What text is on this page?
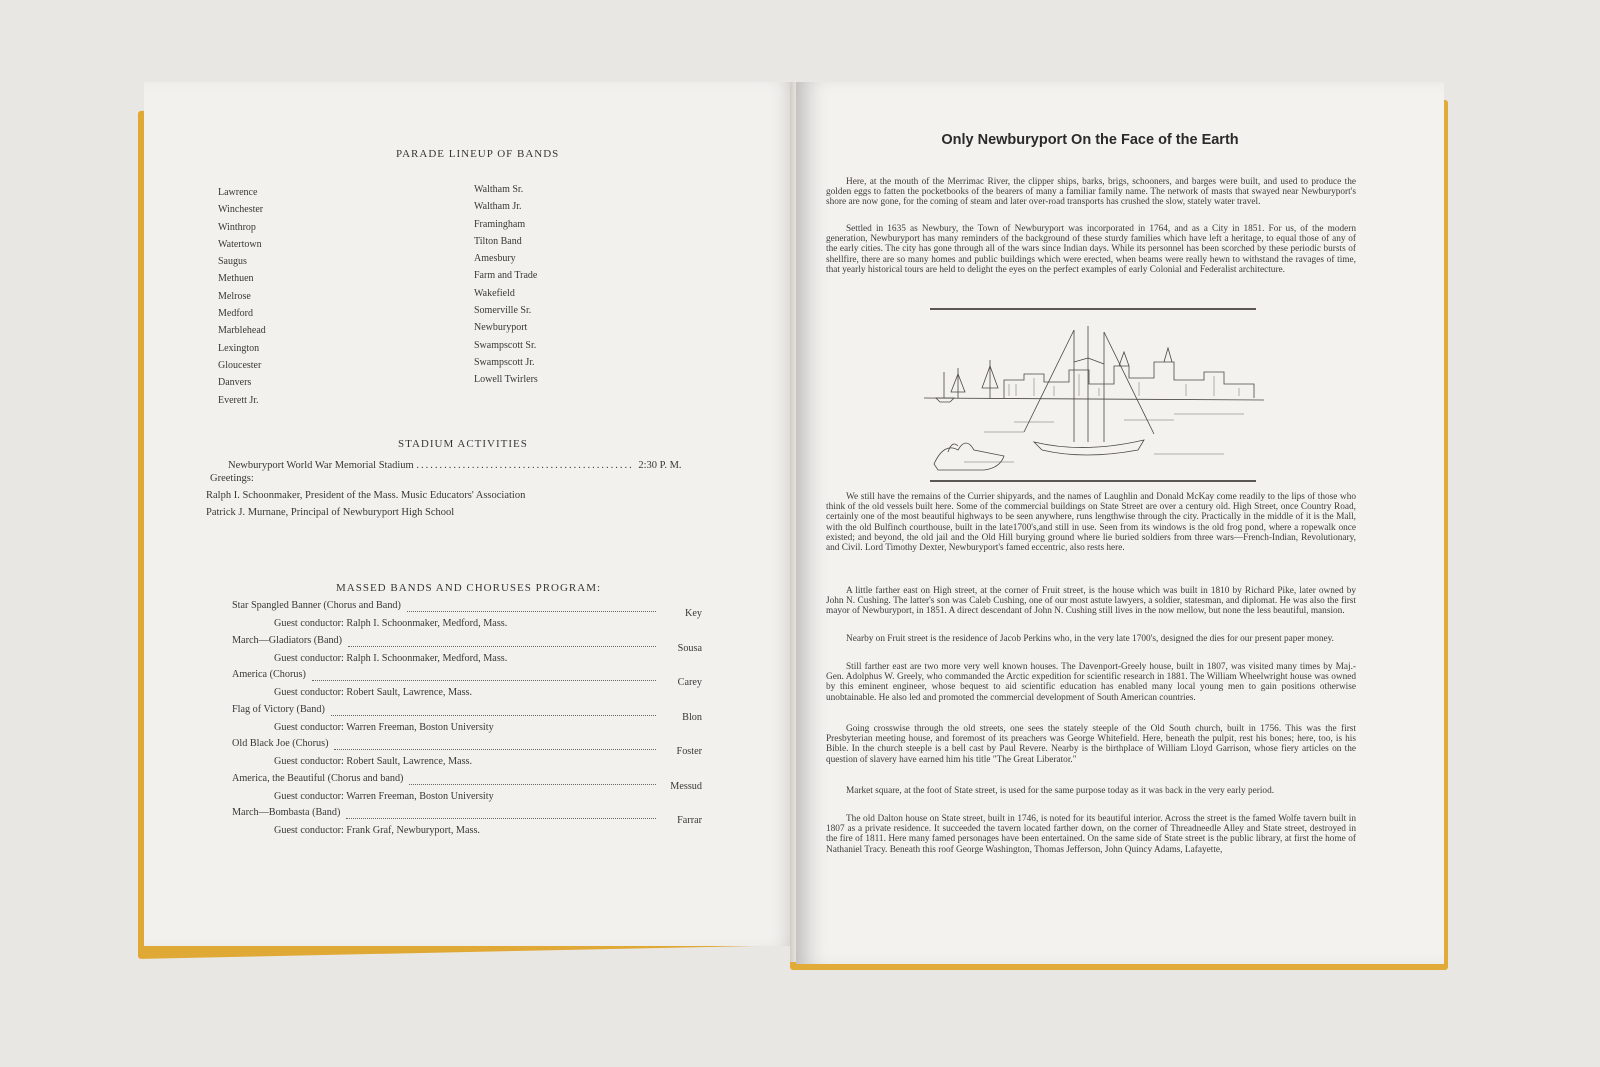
PARADE LINEUP OF BANDS
Lawrence
Winchester
Winthrop
Watertown
Saugus
Methuen
Melrose
Medford
Marblehead
Lexington
Gloucester
Danvers
Everett Jr.
Waltham Sr.
Waltham Jr.
Framingham
Tilton Band
Amesbury
Farm and Trade
Wakefield
Somerville Sr.
Newburyport
Swampscott Sr.
Swampscott Jr.
Lowell Twirlers
STADIUM ACTIVITIES
Newburyport World War Memorial Stadium ............................................... 2:30 P. M.
Greetings:
Ralph I. Schoonmaker, President of the Mass. Music Educators' Association
Patrick J. Murnane, Principal of Newburyport High School
MASSED BANDS AND CHORUSES PROGRAM:
Star Spangled Banner (Chorus and Band)
Key
Guest conductor: Ralph I. Schoonmaker, Medford, Mass.
March—Gladiators (Band)
Sousa
Guest conductor: Ralph I. Schoonmaker, Medford, Mass.
America (Chorus)
Carey
Guest conductor: Robert Sault, Lawrence, Mass.
Flag of Victory (Band)
Blon
Guest conductor: Warren Freeman, Boston University
Old Black Joe (Chorus)
Foster
Guest conductor: Robert Sault, Lawrence, Mass.
America, the Beautiful (Chorus and band)
Messud
Guest conductor: Warren Freeman, Boston University
March—Bombasta (Band)
Farrar
Guest conductor: Frank Graf, Newburyport, Mass.
Only Newburyport On the Face of the Earth
Here, at the mouth of the Merrimac River, the clipper ships, barks, brigs, schooners, and barges were built, and used to produce the golden eggs to fatten the pocketbooks of the bearers of many a familiar family name. The network of masts that swayed near Newburyport's shore are now gone, for the coming of steam and later over-road transports has crushed the slow, stately water travel.
Settled in 1635 as Newbury, the Town of Newburyport was incorporated in 1764, and as a City in 1851. For us, of the modern generation, Newburyport has many reminders of the background of these sturdy families which have left a heritage, to equal those of any of the early cities. The city has gone through all of the wars since Indian days. While its personnel has been scorched by these periodic bursts of shellfire, there are so many homes and public buildings which were erected, when beams were really hewn to withstand the ravages of time, that yearly historical tours are held to delight the eyes on the perfect examples of early Colonial and Federalist architecture.
We still have the remains of the Currier shipyards, and the names of Laughlin and Donald McKay come readily to the lips of those who think of the old vessels built here. Some of the commercial buildings on State Street are over a century old. High Street, once Country Road, certainly one of the most beautiful highways to be seen anywhere, runs lengthwise through the city. Practically in the middle of it is the Mall, with the old Bulfinch courthouse, built in the late1700's,and still in use. Seen from its windows is the old frog pond, where a ropewalk once existed; and beyond, the old jail and the Old Hill burying ground where lie buried soldiers from three wars—French-Indian, Revolutionary, and Civil. Lord Timothy Dexter, Newburyport's famed eccentric, also rests here.
A little farther east on High street, at the corner of Fruit street, is the house which was built in 1810 by Richard Pike, later owned by John N. Cushing. The latter's son was Caleb Cushing, one of our most astute lawyers, a soldier, statesman, and diplomat. He was also the first mayor of Newburyport, in 1851. A direct descendant of John N. Cushing still lives in the now mellow, but none the less beautiful, mansion.
Nearby on Fruit street is the residence of Jacob Perkins who, in the very late 1700's, designed the dies for our present paper money.
Still farther east are two more very well known houses. The Davenport-Greely house, built in 1807, was visited many times by Maj.-Gen. Adolphus W. Greely, who commanded the Arctic expedition for scientific research in 1881. The William Wheelwright house was owned by this eminent engineer, whose bequest to aid scientific education has enabled many local young men to gain positions otherwise unobtainable. He also led and promoted the commercial development of South American countries.
Going crosswise through the old streets, one sees the stately steeple of the Old South church, built in 1756. This was the first Presbyterian meeting house, and foremost of its preachers was George Whitefield. Here, beneath the pulpit, rest his bones; here, too, is his Bible. In the church steeple is a bell cast by Paul Revere. Nearby is the birthplace of William Lloyd Garrison, whose fiery articles on the question of slavery have earned him his title "The Great Liberator."
Market square, at the foot of State street, is used for the same purpose today as it was back in the very early period.
The old Dalton house on State street, built in 1746, is noted for its beautiful interior. Across the street is the famed Wolfe tavern built in 1807 as a private residence. It succeeded the tavern located farther down, on the corner of Threadneedle Alley and State street, destroyed in the fire of 1811. Here many famed personages have been entertained. On the same side of State street is the public library, at first the home of Nathaniel Tracy. Beneath this roof George Washington, Thomas Jefferson, John Quincy Adams, Lafayette,
